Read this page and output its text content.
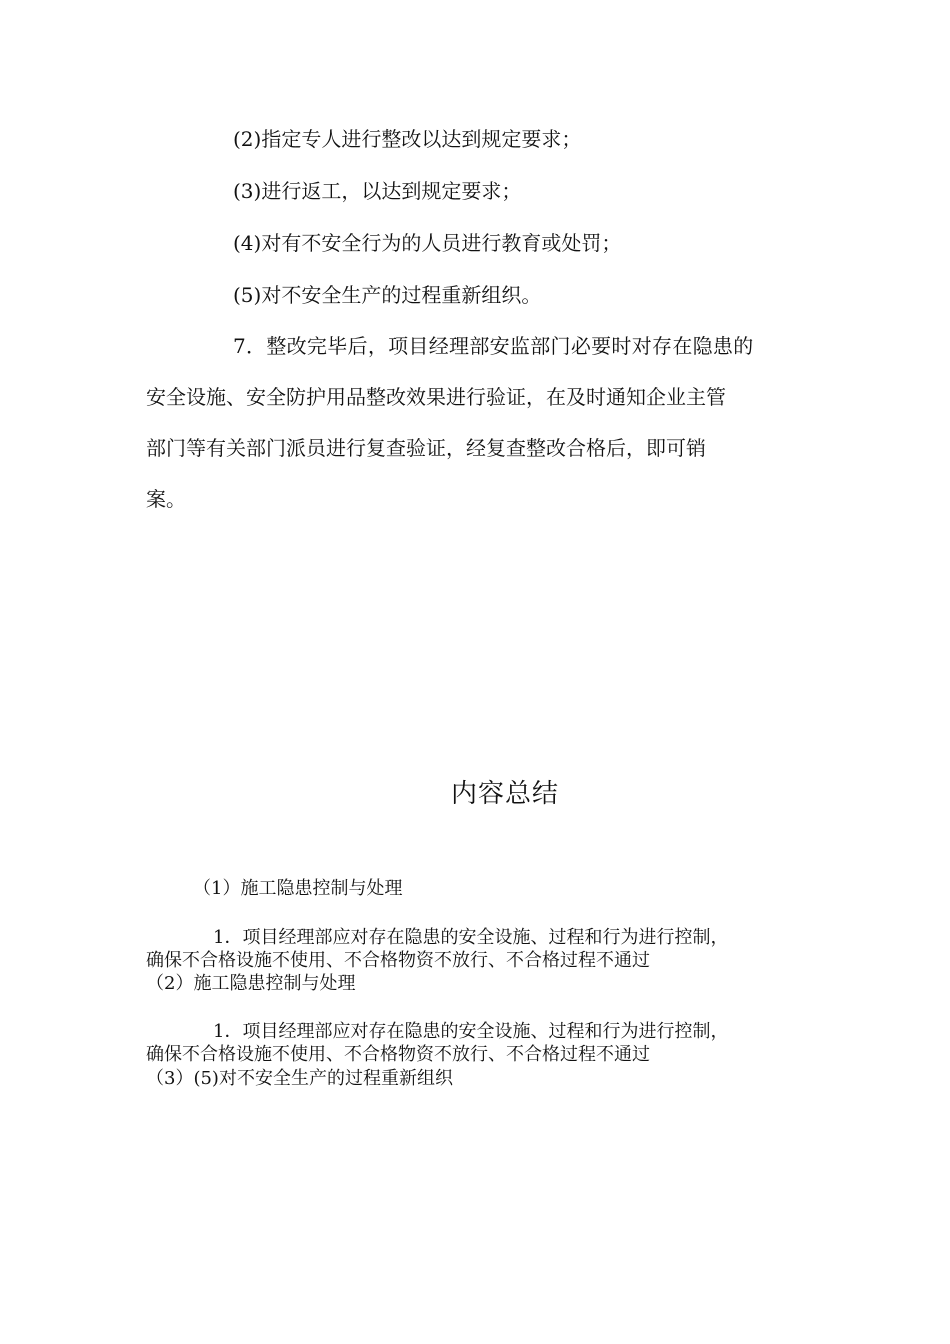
(2)指定专人进行整改以达到规定要求；
(3)进行返工，以达到规定要求；
(4)对有不安全行为的人员进行教育或处罚；
(5)对不安全生产的过程重新组织。
7．整改完毕后，项目经理部安监部门必要时对存在隐患的
安全设施、安全防护用品整改效果进行验证，在及时通知企业主管
部门等有关部门派员进行复查验证，经复查整改合格后，即可销
案。
内容总结
（1）施工隐患控制与处理
1．项目经理部应对存在隐患的安全设施、过程和行为进行控制，
确保不合格设施不使用、不合格物资不放行、不合格过程不通过
（2）施工隐患控制与处理
1．项目经理部应对存在隐患的安全设施、过程和行为进行控制，
确保不合格设施不使用、不合格物资不放行、不合格过程不通过
（3）(5)对不安全生产的过程重新组织
